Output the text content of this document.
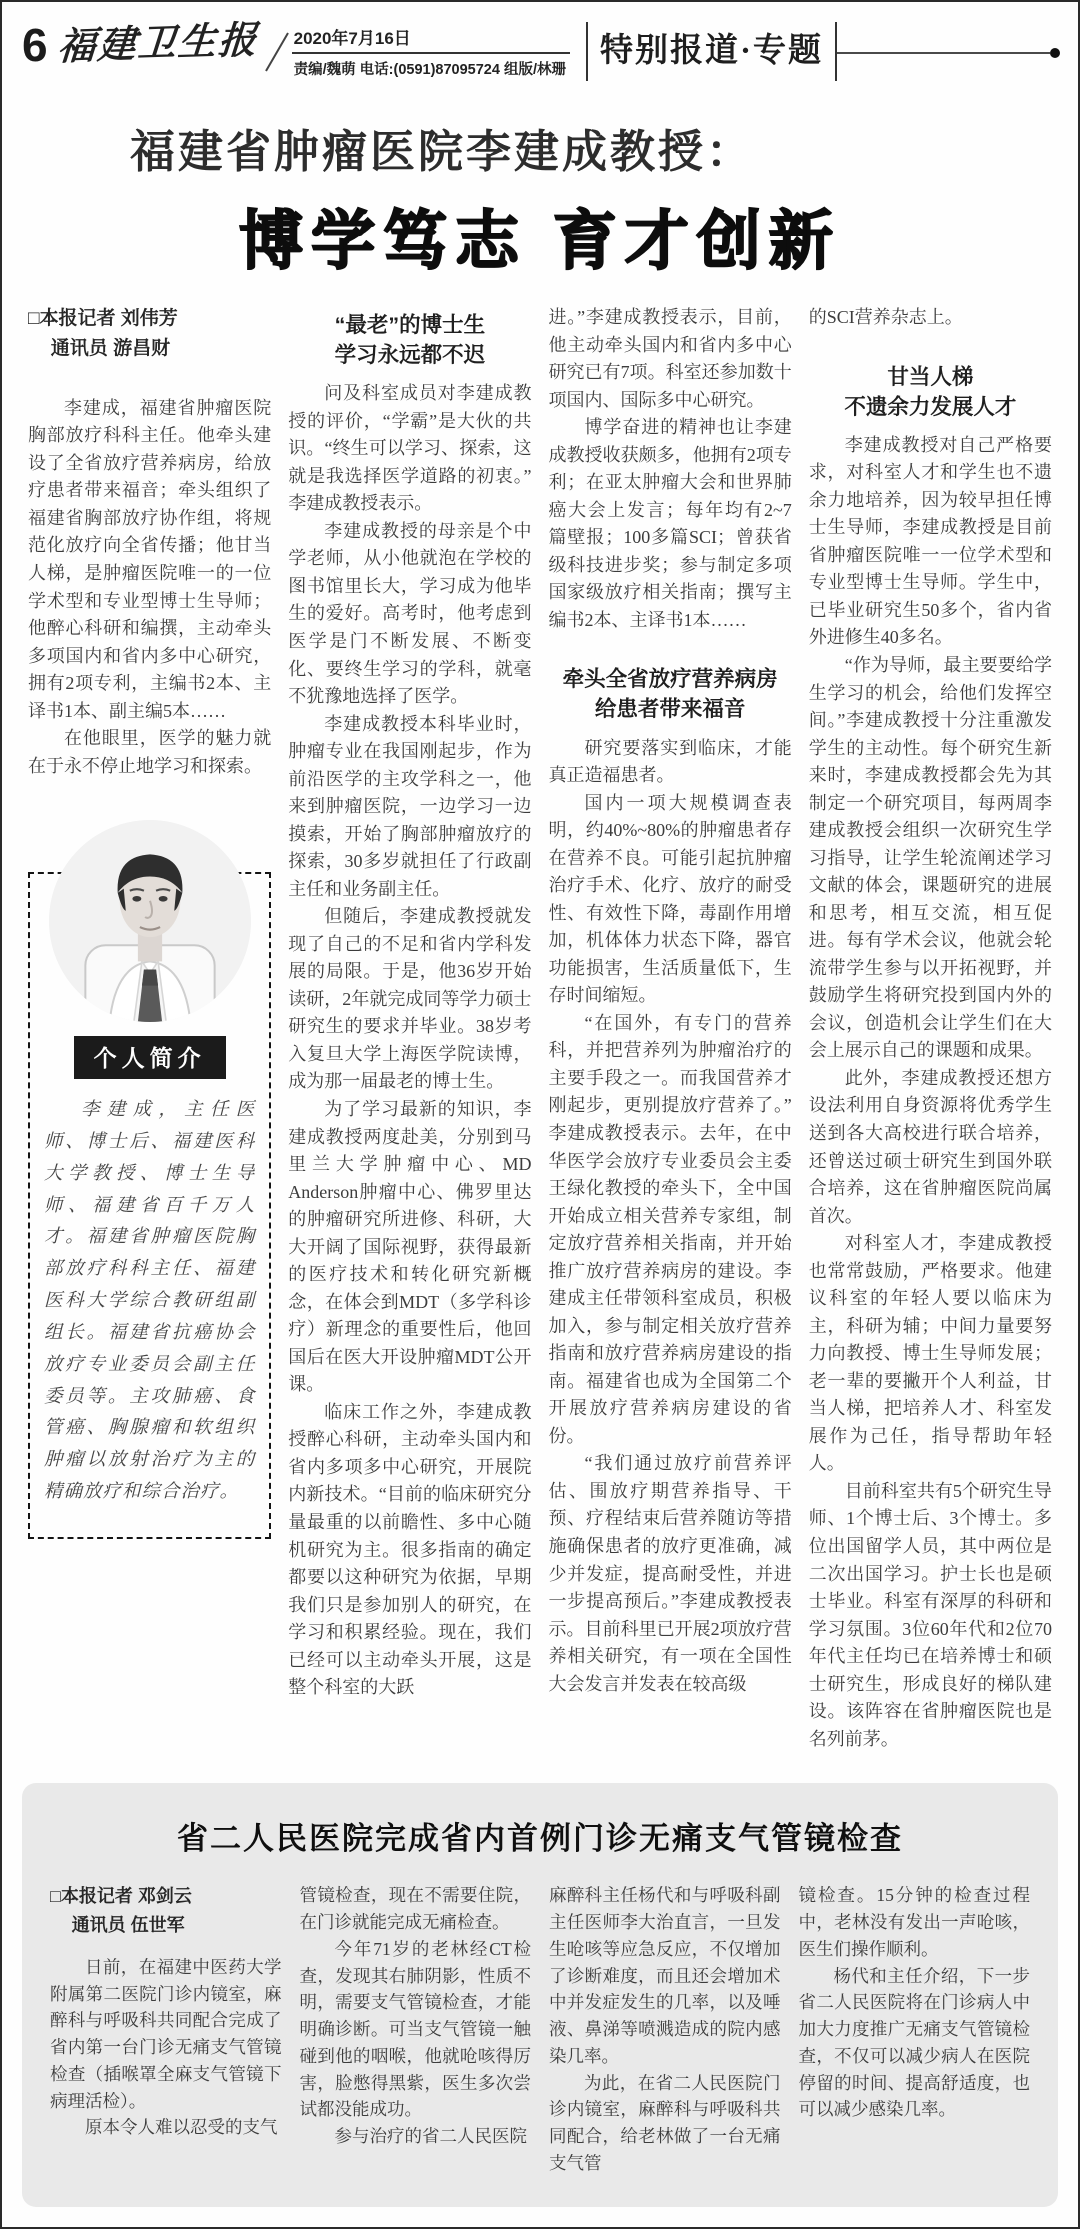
6 福建卫生报 2020年7月16日
责编/魏萌 电话:(0591)87095724 组版/林珊
特别报道·专题
福建省肿瘤医院李建成教授：
博学笃志 育才创新

□本报记者 刘伟芳

通讯员 游昌财

李建成，福建省肿瘤医院胸部放疗科科主任。他牵头建设了全省放疗营养病房，给放疗患者带来福音；牵头组织了福建省胸部放疗协作组，将规范化放疗向全省传播；他甘当人梯，是肿瘤医院唯一的一位学术型和专业型博士生导师；他醉心科研和编撰，主动牵头多项国内和省内多中心研究，拥有2项专利，主编书2本、主译书1本、副主编5本……

在他眼里，医学的魅力就在于永不停止地学习和探索。

个人简介

李建成，主任医师、博士后、福建医科大学教授、博士生导师、福建省百千万人才。福建省肿瘤医院胸部放疗科科主任、福建医科大学综合教研组副组长。福建省抗癌协会放疗专业委员会副主任委员等。主攻肺癌、食管癌、胸腺瘤和软组织肿瘤以放射治疗为主的精确放疗和综合治疗。

“最老”的博士生
学习永远都不迟

问及科室成员对李建成教授的评价，“学霸”是大伙的共识。“终生可以学习、探索，这就是我选择医学道路的初衷。”李建成教授表示。

李建成教授的母亲是个中学老师，从小他就泡在学校的图书馆里长大，学习成为他毕生的爱好。高考时，他考虑到医学是门不断发展、不断变化、要终生学习的学科，就毫不犹豫地选择了医学。

李建成教授本科毕业时，肿瘤专业在我国刚起步，作为前沿医学的主攻学科之一，他来到肿瘤医院，一边学习一边摸索，开始了胸部肿瘤放疗的探索，30多岁就担任了行政副主任和业务副主任。

但随后，李建成教授就发现了自己的不足和省内学科发展的局限。于是，他36岁开始读研，2年就完成同等学力硕士研究生的要求并毕业。38岁考入复旦大学上海医学院读博，成为那一届最老的博士生。

为了学习最新的知识，李建成教授两度赴美，分别到马里兰大学肿瘤中心、MD Anderson肿瘤中心、佛罗里达的肿瘤研究所进修、科研，大大开阔了国际视野，获得最新的医疗技术和转化研究新概念，在体会到MDT（多学科诊疗）新理念的重要性后，他回国后在医大开设肿瘤MDT公开课。

临床工作之外，李建成教授醉心科研，主动牵头国内和省内多项多中心研究，开展院内新技术。“目前的临床研究分量最重的以前瞻性、多中心随机研究为主。很多指南的确定都要以这种研究为依据，早期我们只是参加别人的研究，在学习和积累经验。现在，我们已经可以主动牵头开展，这是整个科室的大跃

进。”李建成教授表示，目前，他主动牵头国内和省内多中心研究已有7项。科室还参加数十项国内、国际多中心研究。

博学奋进的精神也让李建成教授收获颇多，他拥有2项专利；在亚太肿瘤大会和世界肺癌大会上发言；每年均有2~7篇壁报；100多篇SCI；曾获省级科技进步奖；参与制定多项国家级放疗相关指南；撰写主编书2本、主译书1本……

牵头全省放疗营养病房
给患者带来福音

研究要落实到临床，才能真正造福患者。

国内一项大规模调查表明，约40%~80%的肿瘤患者存在营养不良。可能引起抗肿瘤治疗手术、化疗、放疗的耐受性、有效性下降，毒副作用增加，机体体力状态下降，器官功能损害，生活质量低下，生存时间缩短。

“在国外，有专门的营养科，并把营养列为肿瘤治疗的主要手段之一。而我国营养才刚起步，更别提放疗营养了。”李建成教授表示。去年，在中华医学会放疗专业委员会主委王绿化教授的牵头下，全中国开始成立相关营养专家组，制定放疗营养相关指南，并开始推广放疗营养病房的建设。李建成主任带领科室成员，积极加入，参与制定相关放疗营养指南和放疗营养病房建设的指南。福建省也成为全国第二个开展放疗营养病房建设的省份。

“我们通过放疗前营养评估、围放疗期营养指导、干预、疗程结束后营养随访等措施确保患者的放疗更准确，减少并发症，提高耐受性，并进一步提高预后。”李建成教授表示。目前科里已开展2项放疗营养相关研究，有一项在全国性大会发言并发表在较高级

的SCI营养杂志上。

甘当人梯
不遗余力发展人才

李建成教授对自己严格要求，对科室人才和学生也不遗余力地培养，因为较早担任博士生导师，李建成教授是目前省肿瘤医院唯一一位学术型和专业型博士生导师。学生中，已毕业研究生50多个，省内省外进修生40多名。

“作为导师，最主要要给学生学习的机会，给他们发挥空间。”李建成教授十分注重激发学生的主动性。每个研究生新来时，李建成教授都会先为其制定一个研究项目，每两周李建成教授会组织一次研究生学习指导，让学生轮流阐述学习文献的体会，课题研究的进展和思考，相互交流，相互促进。每有学术会议，他就会轮流带学生参与以开拓视野，并鼓励学生将研究投到国内外的会议，创造机会让学生们在大会上展示自己的课题和成果。

此外，李建成教授还想方设法利用自身资源将优秀学生送到各大高校进行联合培养，还曾送过硕士研究生到国外联合培养，这在省肿瘤医院尚属首次。

对科室人才，李建成教授也常常鼓励，严格要求。他建议科室的年轻人要以临床为主，科研为辅；中间力量要努力向教授、博士生导师发展；老一辈的要撇开个人利益，甘当人梯，把培养人才、科室发展作为己任，指导帮助年轻人。

目前科室共有5个研究生导师、1个博士后、3个博士。多位出国留学人员，其中两位是二次出国学习。护士长也是硕士毕业。科室有深厚的科研和学习氛围。3位60年代和2位70年代主任均已在培养博士和硕士研究生，形成良好的梯队建设。该阵容在省肿瘤医院也是名列前茅。

省二人民医院完成省内首例门诊无痛支气管镜检查

□本报记者 邓剑云

通讯员 伍世军

日前，在福建中医药大学附属第二医院门诊内镜室，麻醉科与呼吸科共同配合完成了省内第一台门诊无痛支气管镜检查（插喉罩全麻支气管镜下病理活检）。

原本令人难以忍受的支气

管镜检查，现在不需要住院，在门诊就能完成无痛检查。

今年71岁的老林经CT检查，发现其右肺阴影，性质不明，需要支气管镜检查，才能明确诊断。可当支气管镜一触碰到他的咽喉，他就呛咳得厉害，脸憋得黑紫，医生多次尝试都没能成功。

参与治疗的省二人民医院

麻醉科主任杨代和与呼吸科副主任医师李大治直言，一旦发生呛咳等应急反应，不仅增加了诊断难度，而且还会增加术中并发症发生的几率，以及唾液、鼻涕等喷溅造成的院内感染几率。

为此，在省二人民医院门诊内镜室，麻醉科与呼吸科共同配合，给老林做了一台无痛支气管

镜检查。15分钟的检查过程中，老林没有发出一声呛咳，医生们操作顺利。

杨代和主任介绍，下一步省二人民医院将在门诊病人中加大力度推广无痛支气管镜检查，不仅可以减少病人在医院停留的时间、提高舒适度，也可以减少感染几率。
